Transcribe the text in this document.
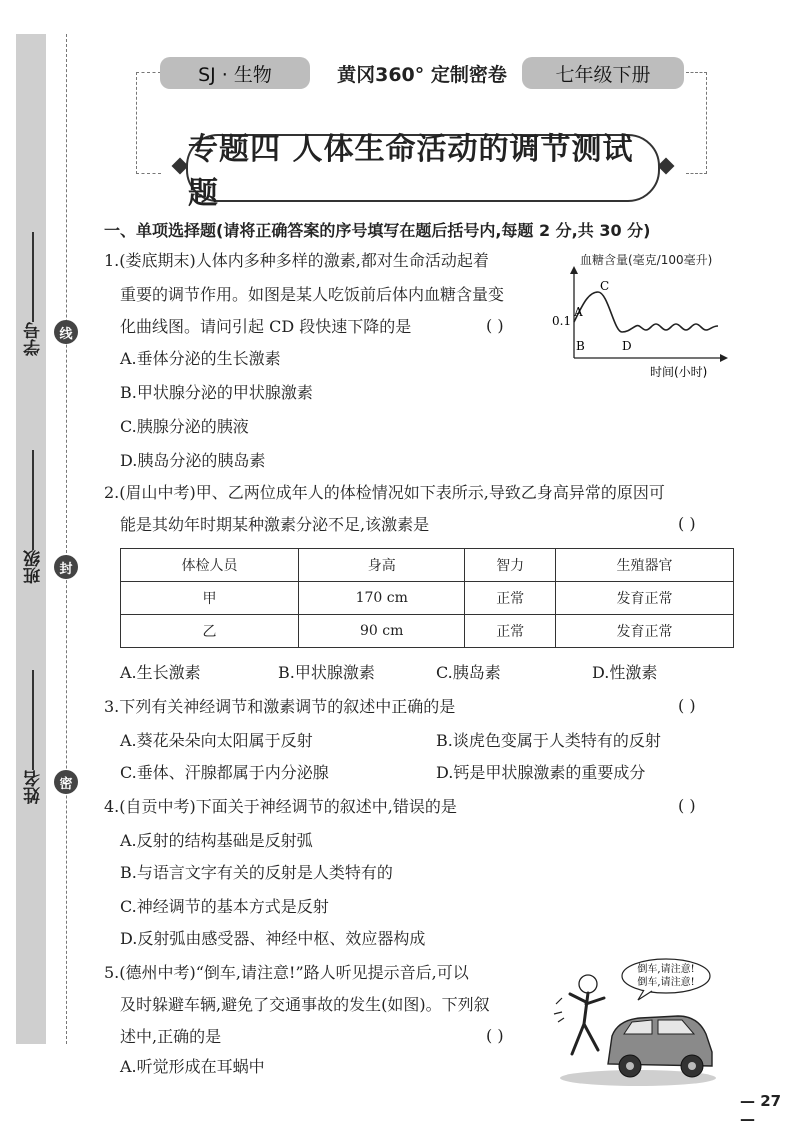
学号
班级
姓名
线
封
密
SJ · 生物	黄冈360° 定制密卷	七年级下册
专题四 人体生命活动的调节测试题
一、单项选择题(请将正确答案的序号填写在题后括号内,每题 2 分,共 30 分)
1.(娄底期末)人体内多种多样的激素,都对生命活动起着
重要的调节作用。如图是某人吃饭前后体内血糖含量变
化曲线图。请问引起 CD 段快速下降的是	( )
A.垂体分泌的生长激素
B.甲状腺分泌的甲状腺激素
C.胰腺分泌的胰液
D.胰岛分泌的胰岛素
血糖含量(毫克/100毫升)
0.1
A
B
C
D
时间(小时)
2.(眉山中考)甲、乙两位成年人的体检情况如下表所示,导致乙身高异常的原因可
能是其幼年时期某种激素分泌不足,该激素是	( )
体检人员	身高	智力	生殖器官
甲	170 cm	正常	发育正常
乙	90 cm	正常	发育正常
A.生长激素	B.甲状腺激素	C.胰岛素	D.性激素
3.下列有关神经调节和激素调节的叙述中正确的是	( )
A.葵花朵朵向太阳属于反射	B.谈虎色变属于人类特有的反射
C.垂体、汗腺都属于内分泌腺	D.钙是甲状腺激素的重要成分
4.(自贡中考)下面关于神经调节的叙述中,错误的是	( )
A.反射的结构基础是反射弧
B.与语言文字有关的反射是人类特有的
C.神经调节的基本方式是反射
D.反射弧由感受器、神经中枢、效应器构成
5.(德州中考)“倒车,请注意!”路人听见提示音后,可以
及时躲避车辆,避免了交通事故的发生(如图)。下列叙
述中,正确的是	( )
A.听觉形成在耳蜗中
倒车,请注意!
倒车,请注意!
— 27 —
